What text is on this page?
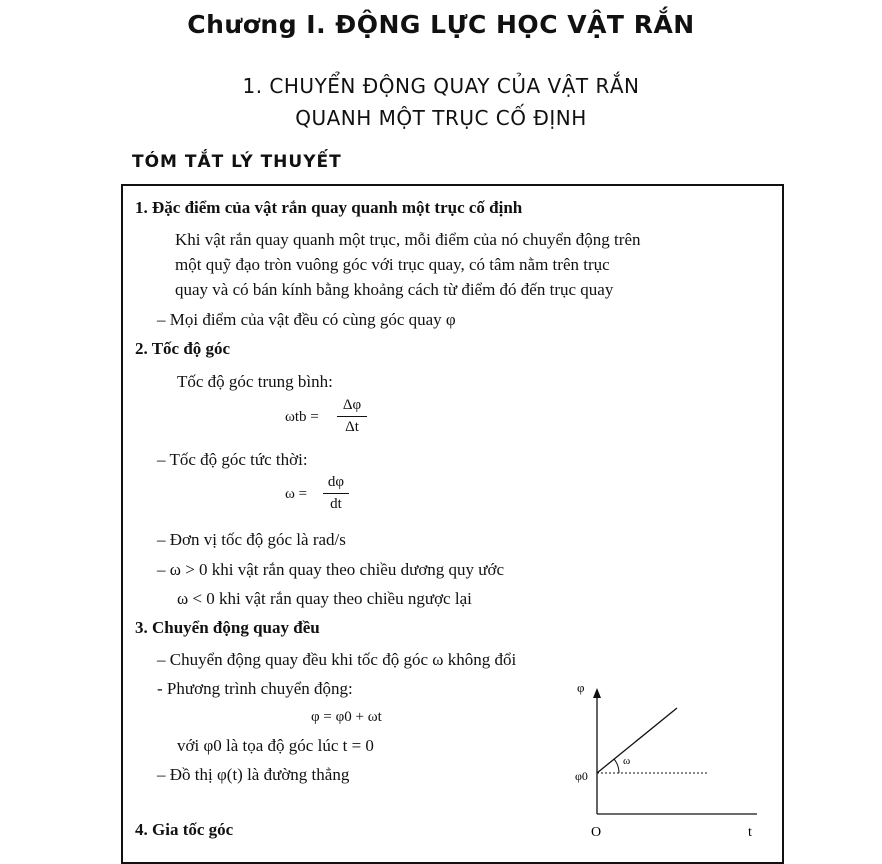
Chương I. ĐỘNG LỰC HỌC VẬT RẮN
1. CHUYỂN ĐỘNG QUAY CỦA VẬT RẮN
QUANH MỘT TRỤC CỐ ĐỊNH
TÓM TẮT LÝ THUYẾT
1. Đặc điểm của vật rắn quay quanh một trục cố định
Khi vật rắn quay quanh một trục, mỗi điểm của nó chuyển động trên
một quỹ đạo tròn vuông góc với trục quay, có tâm nằm trên trục
quay và có bán kính bằng khoảng cách từ điểm đó đến trục quay
– Mọi điểm của vật đều có cùng góc quay φ
2. Tốc độ góc
Tốc độ góc trung bình:
ωtb =
Δφ
Δt
– Tốc độ góc tức thời:
ω =
dφ
dt
– Đơn vị tốc độ góc là rad/s
– ω > 0 khi vật rắn quay theo chiều dương quy ước
ω < 0 khi vật rắn quay theo chiều ngược lại
3. Chuyển động quay đều
– Chuyển động quay đều khi tốc độ góc ω không đổi
- Phương trình chuyển động:
φ = φ0 + ωt
với φ0 là tọa độ góc lúc t = 0
– Đồ thị φ(t) là đường thẳng
φ
φ0
ω
O	t
4. Gia tốc góc
